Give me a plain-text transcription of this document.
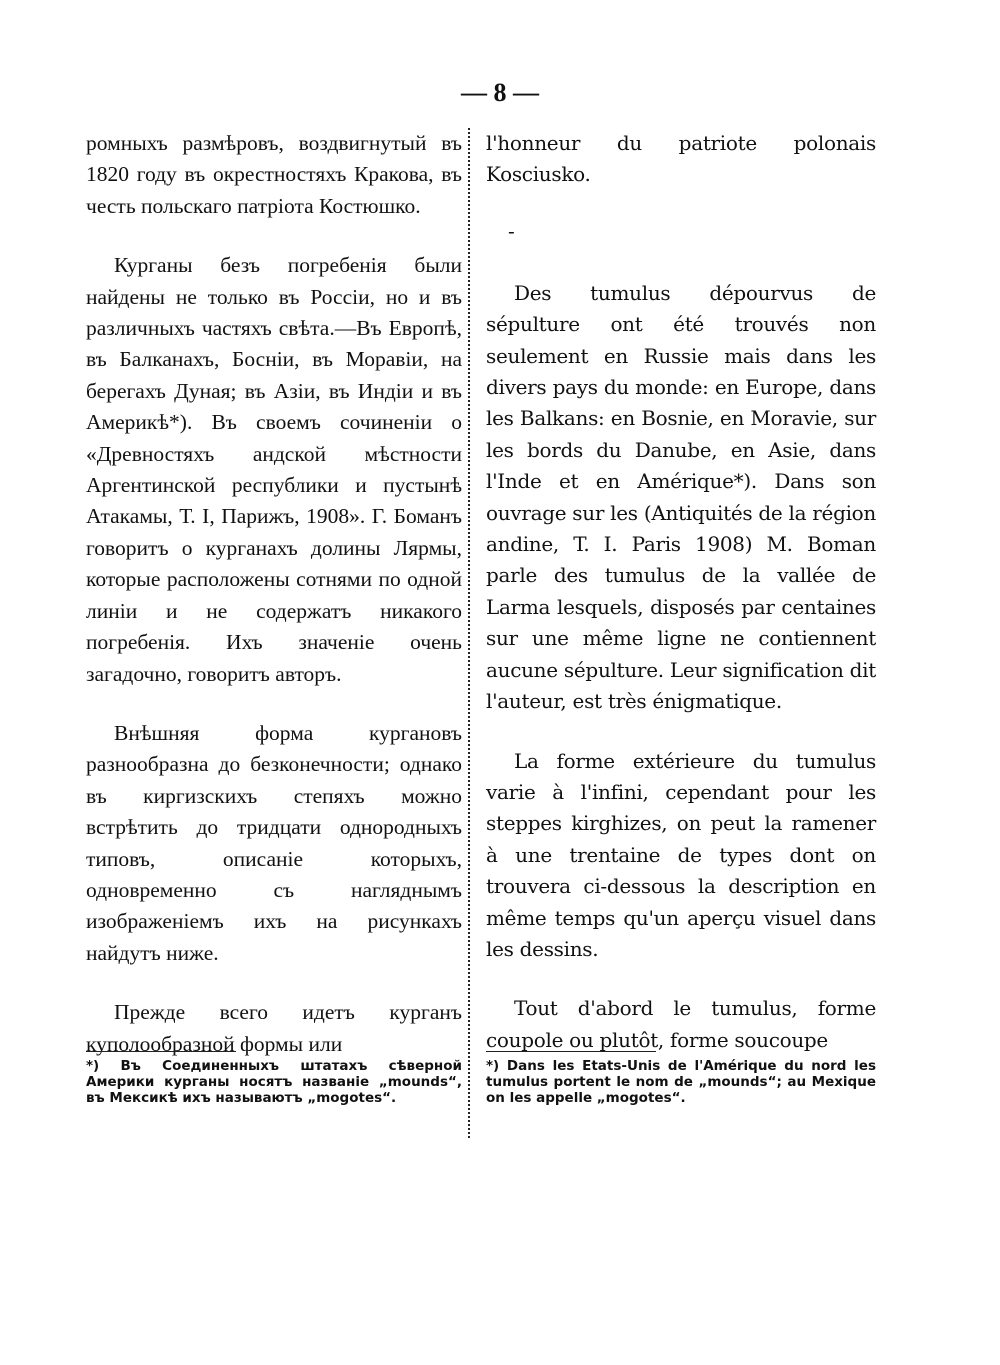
— 8 —

ромныхъ размѣровъ, воздвигнутый въ 1820 году въ окрестностяхъ Кракова, въ честь польскаго патріота Костюшко.

Курганы безъ погребенія были найдены не только въ Россіи, но и въ различныхъ частяхъ свѣта.—Въ Европѣ, въ Балканахъ, Босніи, въ Моравіи, на берегахъ Дуная; въ Азіи, въ Индіи и въ Америкѣ*). Въ своемъ сочиненіи о «Древностяхъ андской мѣстности Аргентинской республики и пустынѣ Атакамы, Т. I, Парижъ, 1908». Г. Боманъ говоритъ о курганахъ долины Лярмы, которые расположены сотнями по одной линіи и не содержатъ никакого погребенія. Ихъ значеніе очень загадочно, говоритъ авторъ.

Внѣшняя форма кургановъ разнообразна до безконечности; однако въ киргизскихъ степяхъ можно встрѣтить до тридцати однородныхъ типовъ, описаніе которыхъ, одновременно съ нагляднымъ изображеніемъ ихъ на рисункахъ найдутъ ниже.

Прежде всего идетъ курганъ куполообразной формы или

l'honneur du patriote polonais Kosciusko.

-

Des tumulus dépourvus de sépulture ont été trouvés non seulement en Russie mais dans les divers pays du monde: en Europe, dans les Balkans: en Bosnie, en Moravie, sur les bords du Danube, en Asie, dans l'Inde et en Amérique*). Dans son ouvrage sur les (Antiquités de la région andine, T. I. Paris 1908) M. Boman parle des tumulus de la vallée de Larma lesquels, disposés par centaines sur une même ligne ne contiennent aucune sépulture. Leur signification dit l'auteur, est très énigmatique.

La forme extérieure du tumulus varie à l'infini, cependant pour les steppes kirghizes, on peut la ramener à une trentaine de types dont on trouvera ci-dessous la description en même temps qu'un aperçu visuel dans les dessins.

Tout d'abord le tumulus, forme coupole ou plutôt, forme soucoupe

*) Въ Соединенныхъ штатахъ сѣверной Америки курганы носятъ названіе „mounds“, въ Мексикѣ ихъ называютъ „mogotes“.
*) Dans les Etats-Unis de l'Amérique du nord les tumulus portent le nom de „mounds“; au Mexique on les appelle „mogotes“.
